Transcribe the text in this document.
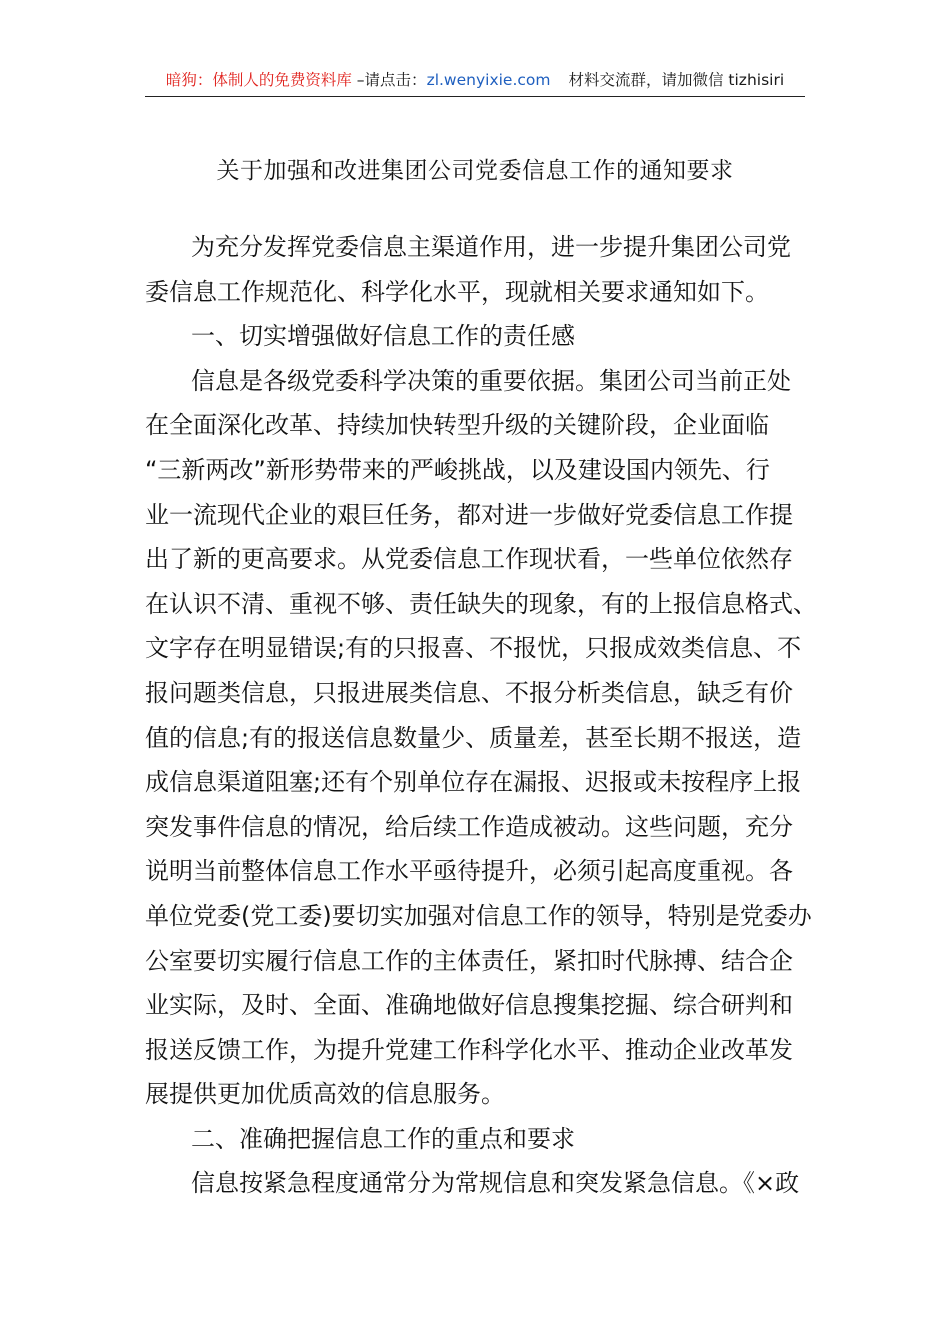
暗狗：体制人的免费资料库 –请点击：zl.wenyixie.com 材料交流群，请加微信 tizhisiri
关于加强和改进集团公司党委信息工作的通知要求
为充分发挥党委信息主渠道作用，进一步提升集团公司党
委信息工作规范化、科学化水平，现就相关要求通知如下。
一、切实增强做好信息工作的责任感
信息是各级党委科学决策的重要依据。集团公司当前正处
在全面深化改革、持续加快转型升级的关键阶段，企业面临
“三新两改”新形势带来的严峻挑战，以及建设国内领先、行
业一流现代企业的艰巨任务，都对进一步做好党委信息工作提
出了新的更高要求。从党委信息工作现状看，一些单位依然存
在认识不清、重视不够、责任缺失的现象，有的上报信息格式、
文字存在明显错误;有的只报喜、不报忧，只报成效类信息、不
报问题类信息，只报进展类信息、不报分析类信息，缺乏有价
值的信息;有的报送信息数量少、质量差，甚至长期不报送，造
成信息渠道阻塞;还有个别单位存在漏报、迟报或未按程序上报
突发事件信息的情况，给后续工作造成被动。这些问题，充分
说明当前整体信息工作水平亟待提升，必须引起高度重视。各
单位党委(党工委)要切实加强对信息工作的领导，特别是党委办
公室要切实履行信息工作的主体责任，紧扣时代脉搏、结合企
业实际，及时、全面、准确地做好信息搜集挖掘、综合研判和
报送反馈工作，为提升党建工作科学化水平、推动企业改革发
展提供更加优质高效的信息服务。
二、准确把握信息工作的重点和要求
信息按紧急程度通常分为常规信息和突发紧急信息。《×政
